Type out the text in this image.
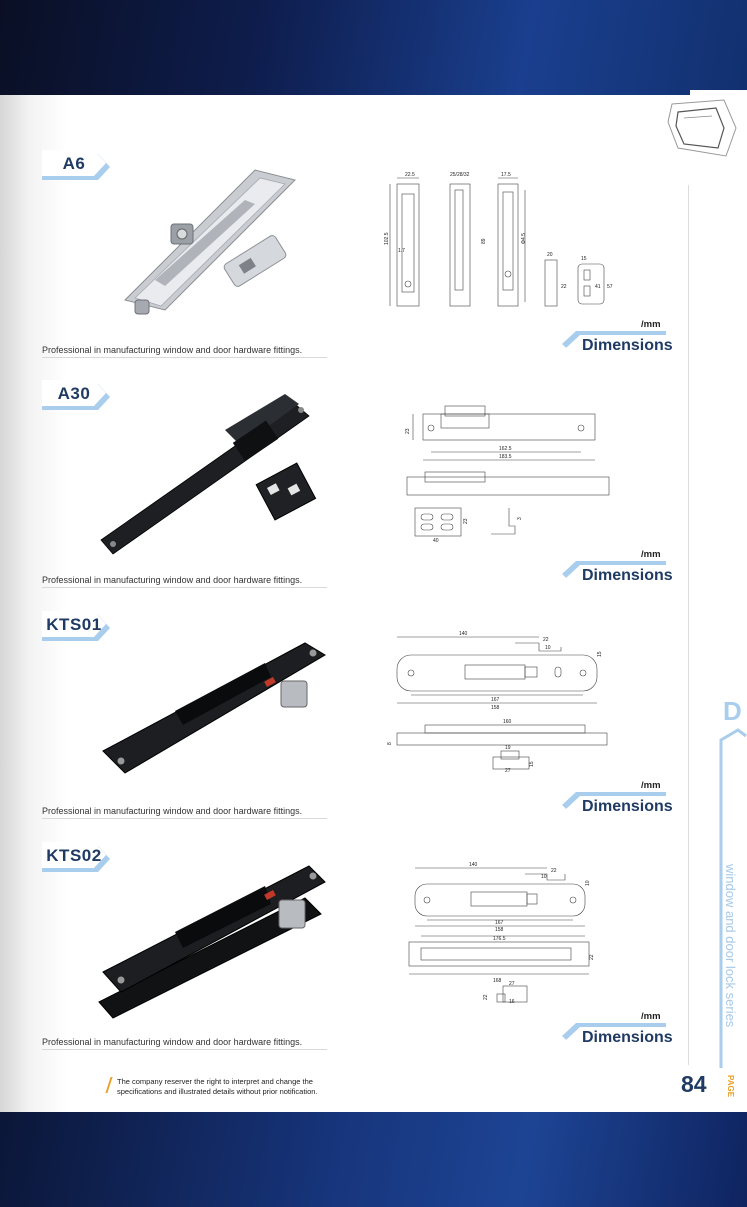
A6
22.5	25/28/32	17.5
102.5
1.7
89	Φ4.5
20
15
22	41 57
Professional in manufacturing window and door hardware fittings.
/mm
Dimensions
A30
23
162.5
183.5
23
40
3
Professional in manufacturing window and door hardware fittings.
/mm
Dimensions
KTS01	140
22
10
15
167
158
160
8
19
15
27
Professional in manufacturing window and door hardware fittings.
/mm
Dimensions
KTS02	140
22
10
10
167
158
176.5
22
168 27
22
16
Professional in manufacturing window and door hardware fittings.
/mm
Dimensions
D
window and door lock series
The company reserver the right to interpret and change the specifications and illustrated details without prior notification.	84 PAGE
